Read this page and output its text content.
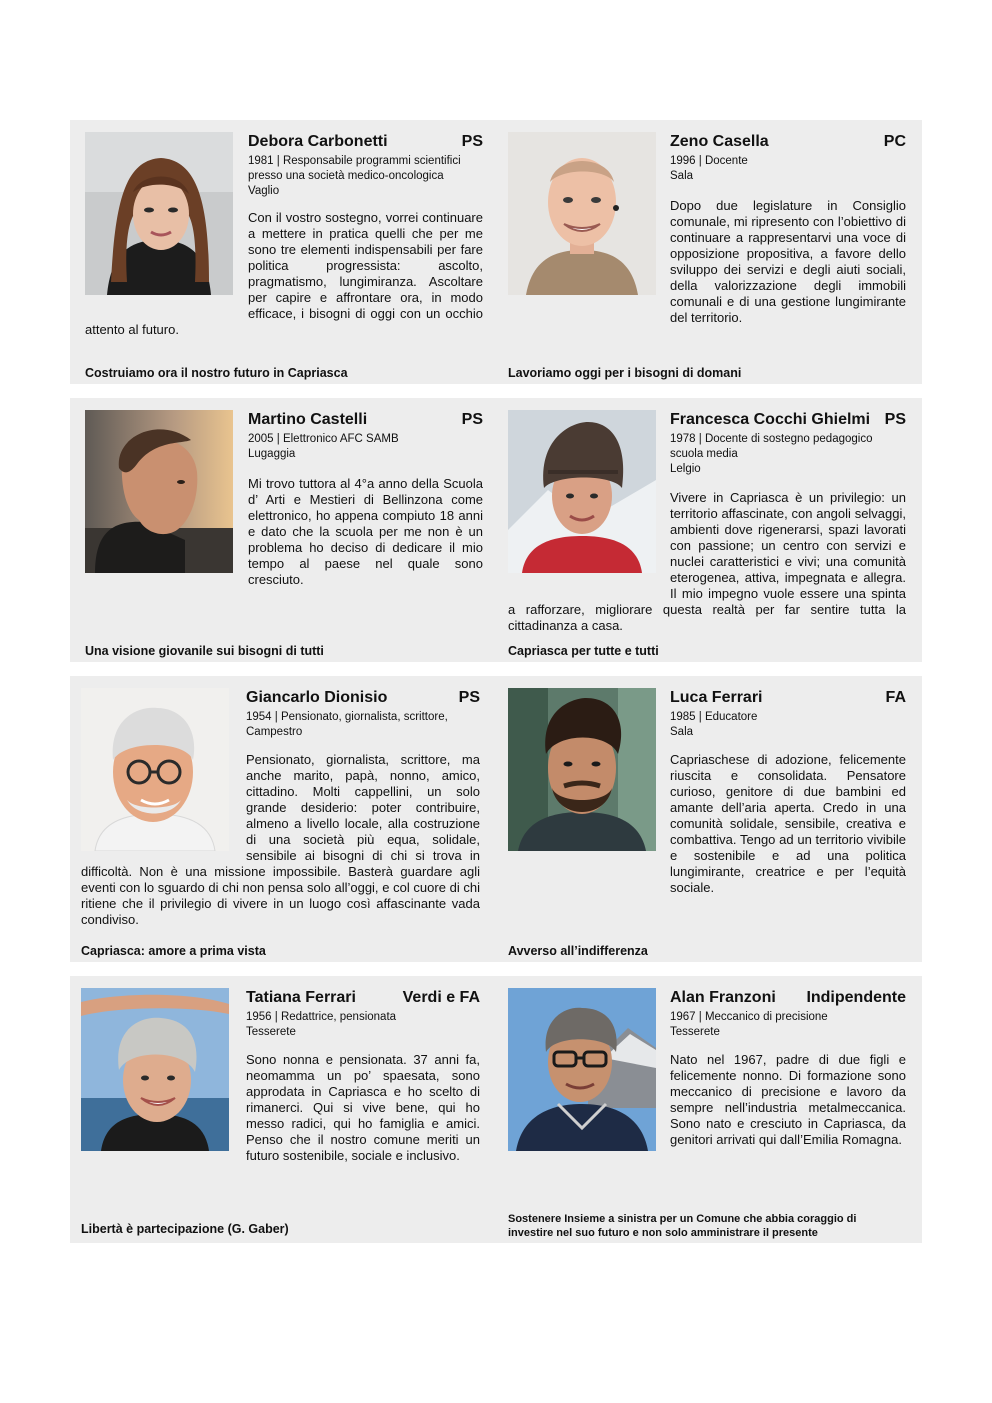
Debora Carbonetti	PS
1981 | Responsabile programmi scientifici presso una società medico-oncologica
Vaglio

Con il vostro sostegno, vorrei continuare a mettere in pratica quelli che per me sono tre elementi indispensabili per fare politica progressista: ascolto, pragmatismo, lungimiranza. Ascoltare per capire e affrontare ora, in modo efficace, i bisogni di oggi con un occhio attento al futuro.

Costruiamo ora il nostro futuro in Capriasca
Zeno Casella	PC
1996 | Docente
Sala
Dopo due legislature in Consiglio comunale, mi ripresento con l’obiettivo di continuare a rappresentarvi una voce di opposizione propositiva, a favore dello sviluppo dei servizi e degli aiuti sociali, della valorizzazione degli immobili comunali e di una gestione lungimirante del territorio.
Lavoriamo oggi per i bisogni di domani
Martino Castelli	PS
2005 | Elettronico AFC SAMB
Lugaggia
Mi trovo tuttora al 4°a anno della Scuola d’ Arti e Mestieri di Bellinzona come elettronico, ho appena compiuto 18 anni e dato che la scuola per me non è un problema ho deciso di dedicare il mio tempo al paese nel quale sono cresciuto.
Una visione giovanile sui bisogni di tutti
Francesca Cocchi Ghielmi PS
1978 | Docente di sostegno pedagogico scuola media
Lelgio

Vivere in Capriasca è un privilegio: un territorio affascinate, con angoli selvaggi, ambienti dove rigenerarsi, spazi lavorati con passione; un centro con servizi e nuclei caratteristici e vivi; una comunità eterogenea, attiva, impegnata e allegra. Il mio impegno vuole essere una spinta a rafforzare, migliorare questa realtà per far sentire tutta la cittadinanza a casa.

Capriasca per tutte e tutti
Giancarlo Dionisio	PS
1954 | Pensionato, giornalista, scrittore,
Campestro

Pensionato, giornalista, scrittore, ma anche marito, papà, nonno, amico, cittadino. Molti cappellini, un solo grande desiderio: poter contribuire, almeno a livello locale, alla costruzione di una società più equa, solidale, sensibile ai bisogni di chi si trova in difficoltà. Non è una missione impossibile. Basterà guardare agli eventi con lo sguardo di chi non pensa solo all’oggi, e col cuore di chi ritiene che il privilegio di vivere in un luogo così affascinante vada condiviso.

Capriasca: amore a prima vista
Luca Ferrari	FA
1985 | Educatore
Sala
Capriaschese di adozione, felicemente riuscita e consolidata. Pensatore curioso, genitore di due bambini ed amante dell’aria aperta. Credo in una comunità solidale, sensibile, creativa e combattiva. Tengo ad un territorio vivibile e sostenibile e ad una politica lungimirante, creatrice e per l’equità sociale.
Avverso all’indifferenza
Tatiana Ferrari	Verdi e FA
1956 | Redattrice, pensionata
Tesserete
Sono nonna e pensionata. 37 anni fa, neomamma un po’ spaesata, sono approdata in Capriasca e ho scelto di rimanerci. Qui si vive bene, qui ho messo radici, qui ho famiglia e amici. Penso che il nostro comune meriti un futuro sostenibile, sociale e inclusivo.
Libertà è partecipazione (G. Gaber)
Alan Franzoni	Indipendente
1967 | Meccanico di precisione
Tesserete
Nato nel 1967, padre di due figli e felicemente nonno. Di formazione sono meccanico di precisione e lavoro da sempre nell’industria metalmeccanica. Sono nato e cresciuto in Capriasca, da genitori arrivati qui dall’Emilia Romagna.
Sostenere Insieme a sinistra per un Comune che abbia coraggio di investire nel suo futuro e non solo amministrare il presente
